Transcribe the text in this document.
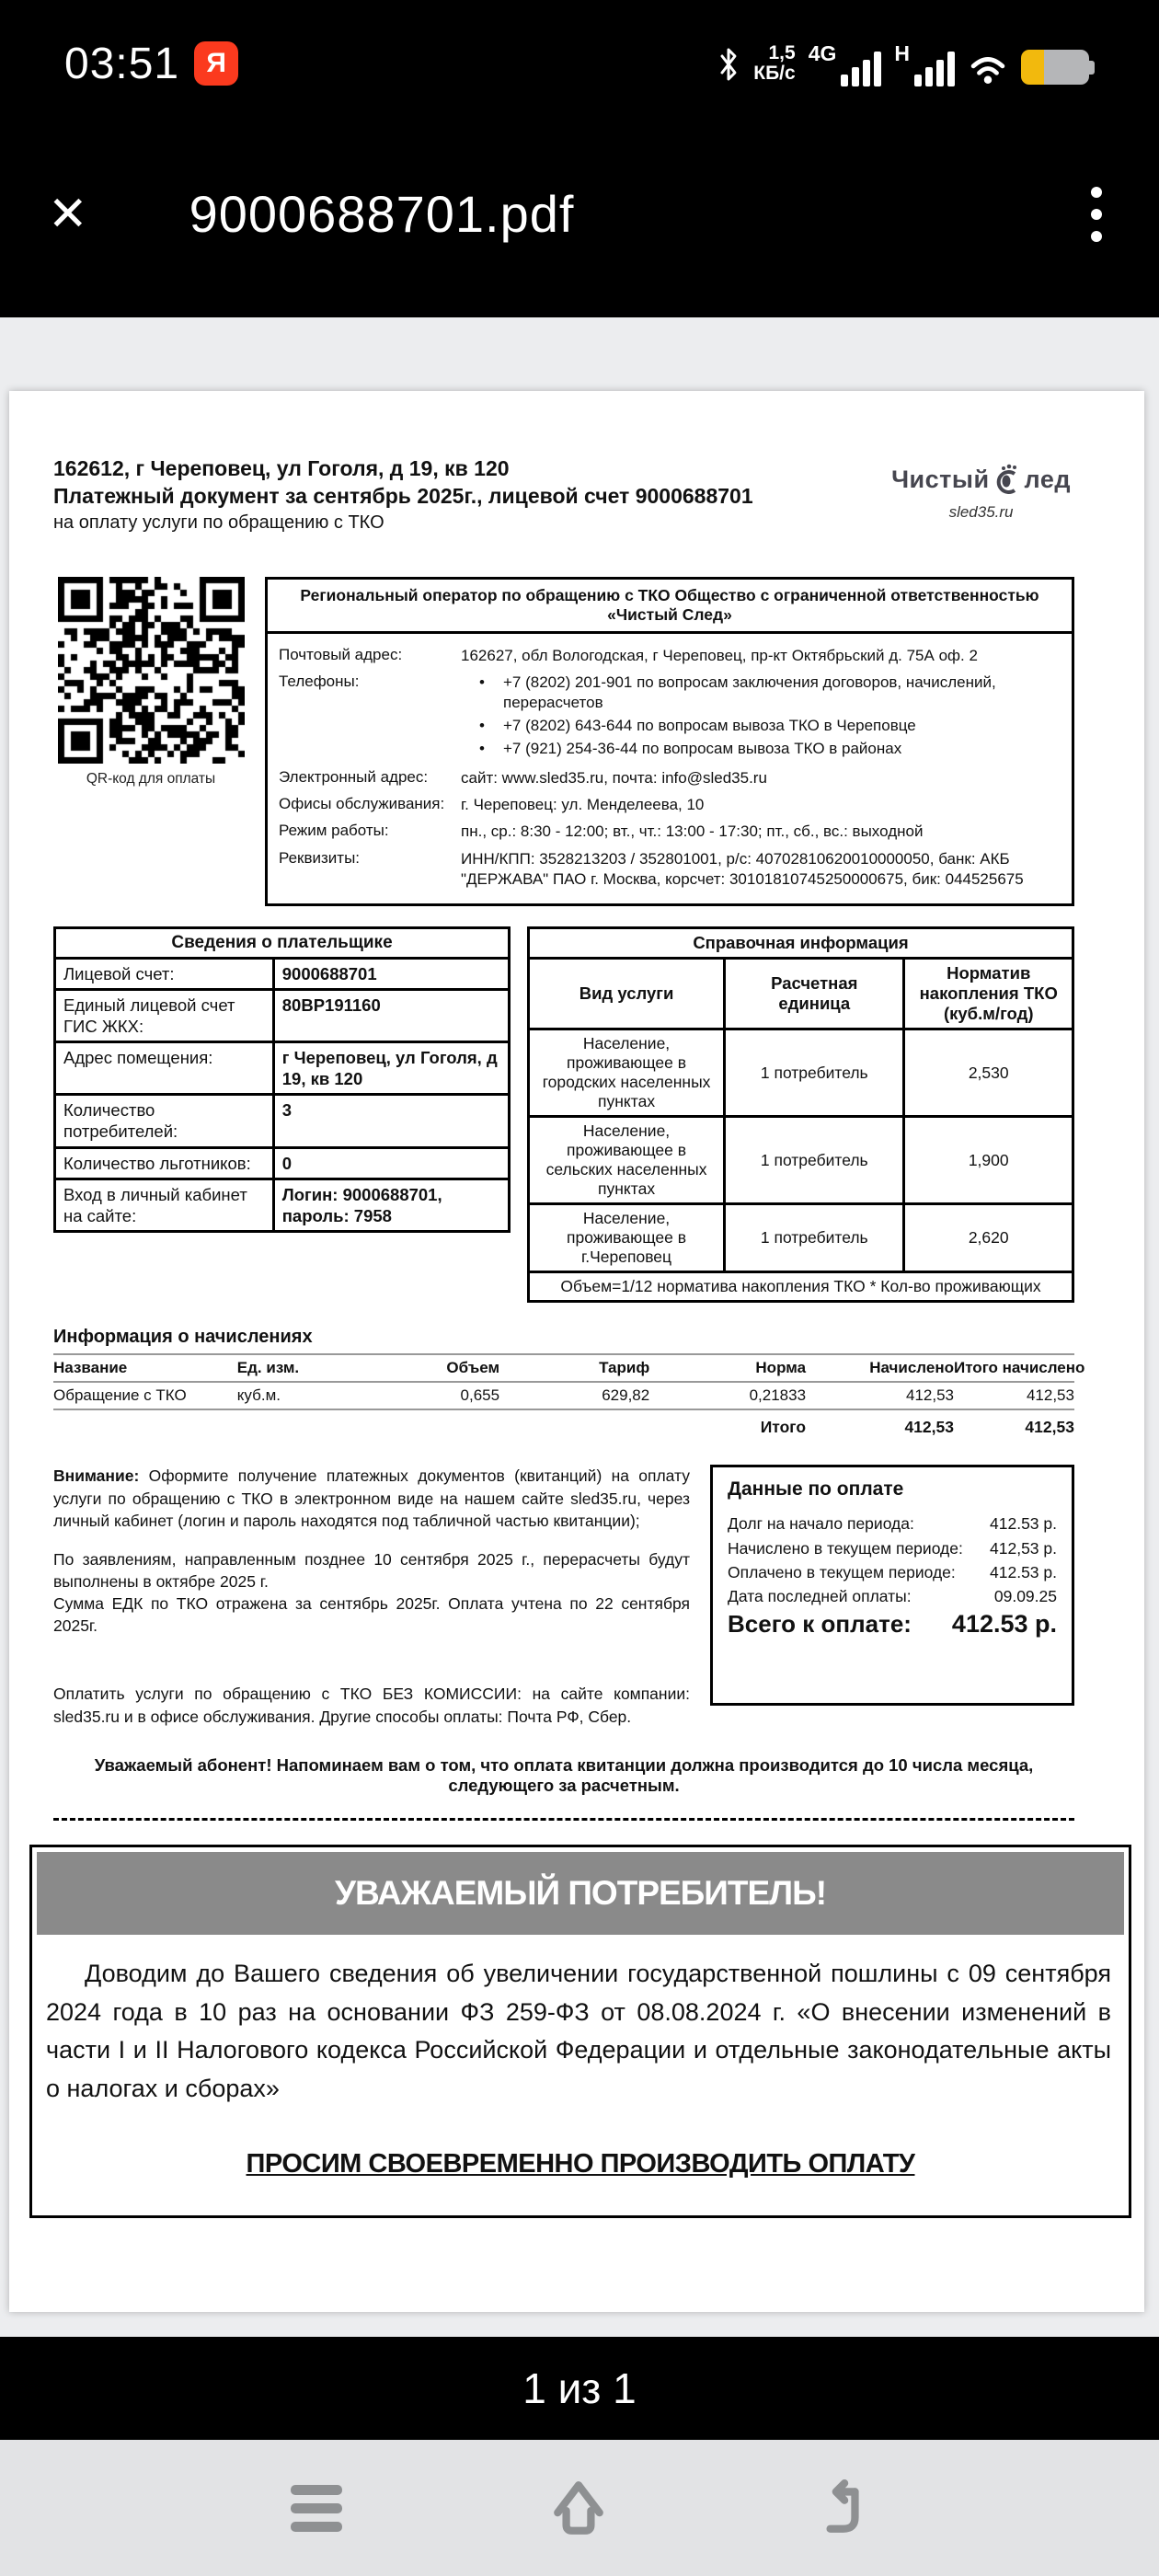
03:51 Я	1,5
КБ/с
4G	H
✕ 9000688701.pdf
162612, г Череповец, ул Гоголя, д 19, кв 120
Платежный документ за сентябрь 2025г., лицевой счет 9000688701
на оплату услуги по обращению с ТКО
Чистый лед
sled35.ru
QR-код для оплаты
Региональный оператор по обращению с ТКО Общество с ограниченной ответственностью «Чистый След»
Почтовый адрес:	162627, обл Вологодская, г Череповец, пр-кт Октябрьский д. 75А оф. 2
Телефоны:	•	+7 (8202) 201-901 по вопросам заключения договоров, начислений, перерасчетов
•	+7 (8202) 643-644 по вопросам вывоза ТКО в Череповце
•	+7 (921) 254-36-44 по вопросам вывоза ТКО в районах
Электронный адрес:	сайт: www.sled35.ru, почта: info@sled35.ru
Офисы обслуживания:	г. Череповец: ул. Менделеева, 10
Режим работы:	пн., ср.: 8:30 - 12:00; вт., чт.: 13:00 - 17:30; пт., сб., вс.: выходной
Реквизиты:	ИНН/КПП: 3528213203 / 352801001, р/с: 40702810620010000050, банк: АКБ "ДЕРЖАВА" ПАО г. Москва, корсчет: 30101810745250000675, бик: 044525675
Сведения о плательщике	
Лицевой счет:	9000688701
Единый лицевой счет ГИС ЖКХ:	80ВР191160
Адрес помещения:	г Череповец, ул Гоголя, д 19, кв 120
Количество потребителей:	3
Количество льготников:	0
Вход в личный кабинет на сайте:	Логин: 9000688701, пароль: 7958
Справочная информация		
Вид услуги	Расчетная единица	Норматив накопления ТКО (куб.м/год)
Население, проживающее в городских населенных пунктах	1 потребитель	2,530
Население, проживающее в сельских населенных пунктах	1 потребитель	1,900
Население, проживающее в г.Череповец	1 потребитель	2,620
Объем=1/12 норматива накопления ТКО * Кол-во проживающих		
Информация о начислениях
Название	Ед. изм.	Объем	Тариф	Норма	Начислено Итого начислено
Обращение с ТКО	куб.м.	0,655	629,82	0,21833	412,53	412,53
Итого	412,53	412,53

Внимание: Оформите получение платежных документов (квитанций) на оплату услуги по обращению с ТКО в электронном виде на нашем сайте sled35.ru, через личный кабинет (логин и пароль находятся под табличной частью квитанции);

По заявлениям, направленным позднее 10 сентября 2025 г., перерасчеты будут выполнены в октябре 2025 г.

Сумма ЕДК по ТКО отражена за сентябрь 2025г. Оплата учтена по 22 сентября 2025г.

Оплатить услуги по обращению с ТКО БЕЗ КОМИССИИ: на сайте компании: sled35.ru и в офисе обслуживания. Другие способы оплаты: Почта РФ, Сбер.

Данные по оплате
Долг на начало периода:	412.53 р.
Начислено в текущем периоде: 412,53 р.
Оплачено в текущем периоде: 412.53 р.
Дата последней оплаты:	09.09.25
Всего к оплате: 412.53 р.
Уважаемый абонент! Напоминаем вам о том, что оплата квитанции должна производится до 10 числа месяца, следующего за расчетным.
УВАЖАЕМЫЙ ПОТРЕБИТЕЛЬ!

Доводим до Вашего сведения об увеличении государственной пошлины с 09 сентября 2024 года в 10 раз на основании ФЗ 259-ФЗ от 08.08.2024 г. «О внесении изменений в части I и II Налогового кодекса Российской Федерации и отдельные законодательные акты о налогах и сборах»

ПРОСИМ СВОЕВРЕМЕННО ПРОИЗВОДИТЬ ОПЛАТУ
1 из 1
